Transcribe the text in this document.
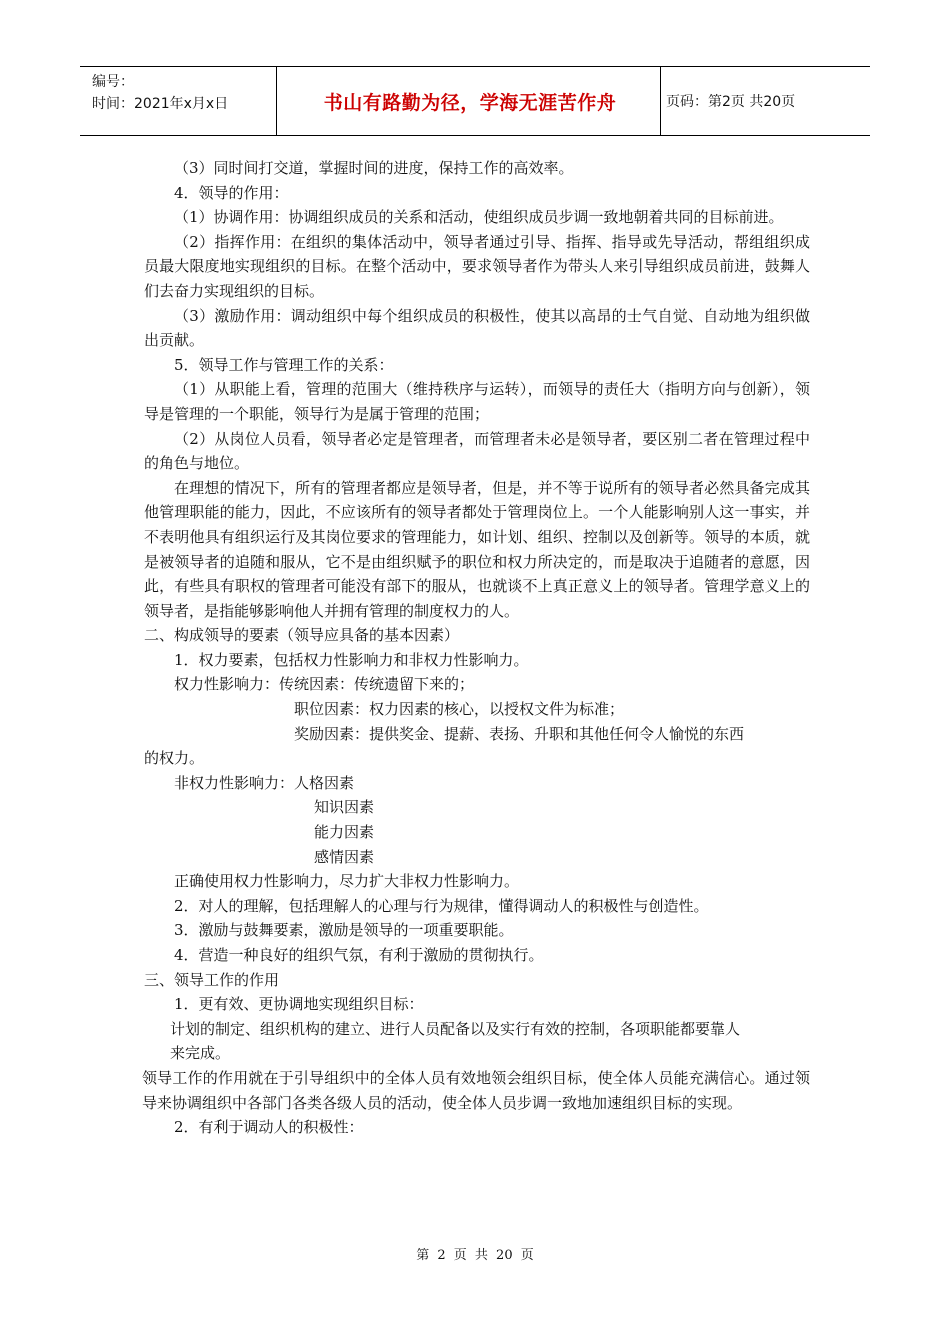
编号：
时间：2021年x月x日	书山有路勤为径，学海无涯苦作舟	页码：第2页 共20页

（3）同时间打交道，掌握时间的进度，保持工作的高效率。

4．领导的作用：

（1）协调作用：协调组织成员的关系和活动，使组织成员步调一致地朝着共同的目标前进。

（2）指挥作用：在组织的集体活动中，领导者通过引导、指挥、指导或先导活动，帮组组织成员最大限度地实现组织的目标。在整个活动中，要求领导者作为带头人来引导组织成员前进，鼓舞人们去奋力实现组织的目标。

（3）激励作用：调动组织中每个组织成员的积极性，使其以高昂的士气自觉、自动地为组织做出贡献。

5．领导工作与管理工作的关系：

（1）从职能上看，管理的范围大（维持秩序与运转），而领导的责任大（指明方向与创新），领导是管理的一个职能，领导行为是属于管理的范围；

（2）从岗位人员看，领导者必定是管理者，而管理者未必是领导者，要区别二者在管理过程中的角色与地位。

在理想的情况下，所有的管理者都应是领导者，但是，并不等于说所有的领导者必然具备完成其他管理职能的能力，因此，不应该所有的领导者都处于管理岗位上。一个人能影响别人这一事实，并不表明他具有组织运行及其岗位要求的管理能力，如计划、组织、控制以及创新等。领导的本质，就是被领导者的追随和服从，它不是由组织赋予的职位和权力所决定的，而是取决于追随者的意愿，因此，有些具有职权的管理者可能没有部下的服从，也就谈不上真正意义上的领导者。管理学意义上的领导者，是指能够影响他人并拥有管理的制度权力的人。

二、构成领导的要素（领导应具备的基本因素）

1．权力要素，包括权力性影响力和非权力性影响力。

权力性影响力：传统因素：传统遗留下来的；

职位因素：权力因素的核心，以授权文件为标准；

奖励因素：提供奖金、提薪、表扬、升职和其他任何令人愉悦的东西

的权力。

非权力性影响力：人格因素

知识因素

能力因素

感情因素

正确使用权力性影响力，尽力扩大非权力性影响力。

2．对人的理解，包括理解人的心理与行为规律，懂得调动人的积极性与创造性。

3．激励与鼓舞要素，激励是领导的一项重要职能。

4．营造一种良好的组织气氛，有利于激励的贯彻执行。

三、领导工作的作用

1．更有效、更协调地实现组织目标：

计划的制定、组织机构的建立、进行人员配备以及实行有效的控制，各项职能都要靠人

来完成。

领导工作的作用就在于引导组织中的全体人员有效地领会组织目标，使全体人员能充满信心。通过领导来协调组织中各部门各类各级人员的活动，使全体人员步调一致地加速组织目标的实现。

2．有利于调动人的积极性：

第 2 页 共 20 页
